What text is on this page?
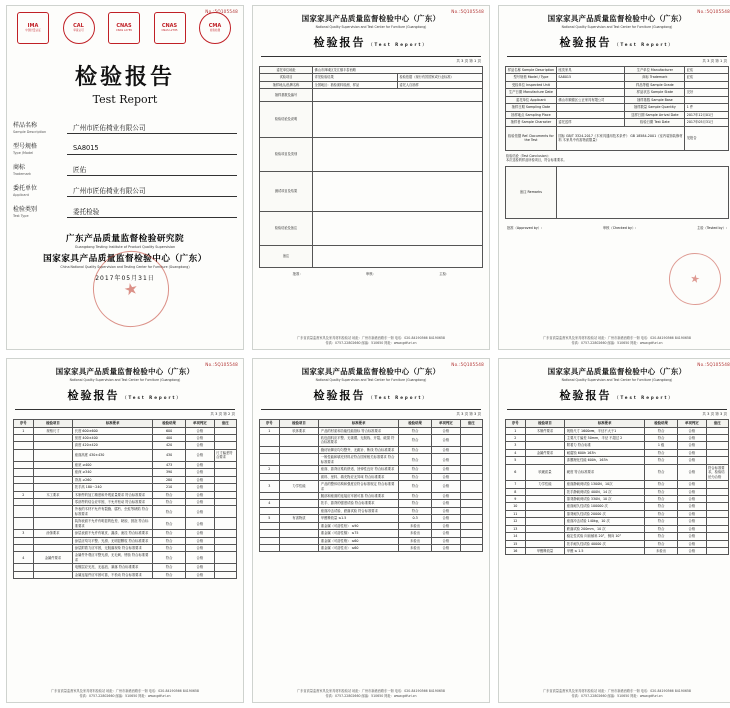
No.:5Q105548
IMA
中国计量认证
CAL
审查认可
CNAS
CNAS L2785
CNAS
CNAS L2785
CMA
检验检测
检验报告
Test Report
样品名称
Sample Description	广州市匠佑椅业有限公司
型号规格
Type /Model
SA8015
商标
Trademark	匠佑
委托单位
Applicant	广州市匠佑椅业有限公司
检验类别
Test Type	委托检验
★
广东产品质量监督检验研究院
Guangdong Testing Institute of Product Quality Supervision
国家家具产品质量监督检验中心（广东）
China National Quality Supervision and Testing Center for Furniture (Guangdong)
2017年05月31日
No.:5Q105548
国家家具产品质量监督检验中心（广东）
National Quality Supervision and Test Center for Furniture (Guangdong)
检验报告 （Test Report）
共 3 页 第 1 页
委托单位地址	佛山市禅城区龙江镇丰泰西路	
试验项目	详见检验结果	检验依据（现行有效国家或行业标准）
抽样地点/品牌名称	全国地区：抽检面料检测、样品	委托人自抽样
抽样基数及编号		
检验结论及说明		
检验项目及类别		
测试项目及结果		
检验结论及备注		
备注		
批准：	审核：	主检：
广东省质量监督家具及家具材料检验站 地址：广州市新港西路东一街 电话：020-84190566 84190658
传真：0757-22802660 邮编：510650 网址：www.gdfuri.cn
No.:5Q105548
国家家具产品质量监督检验中心（广东）
National Quality Supervision and Test Center for Furniture (Guangdong)
检验报告 （Test Report）
共 3 页 第 1 页
样品名称 Sample Description	座类家具	生产单位 Manufacturer	匠佑
型号规格 Model / Type	SA8015	商标 Trademark	匠佑
受检单位 Inspected Unit		样品等级 Sample Grade	
生产日期 Manufacture Date		样品状态 Sample State	完好
委托单位 Applicant	佛山市顺德区公正家具有限公司	抽样基数 Sample Base	
抽样日期 Sampling Date		抽样数量 Sample Quantity	1 件
抽样地点 Sampling Place		送样日期 Sample Arrival Date	2017年12月01日
抽样者 Sample Character	委托送样	检验日期 Test Date	2017年05月31日
检验依据 Ref. Documents for the Test	国标 GB/T 3324-2017《木家具通用技术条件》 GB 18584-2001《室内装饰装修材料 木家具中有害物质限量》		见报告
检验结论（Test Conclusion）：
本次送检的样品所检项目，符合标准要求。
备注 Remarks	
★
批准（Approved by）:	审核（Checked by）:	主检（Tested by）:
广东省质量监督家具及家具材料检验站 地址：广州市新港西路东一街 电话：020-84190566 84190658
传真：0757-22802660 邮编：510650 网址：www.gdfuri.cn
No.:5Q105548
国家家具产品质量监督检验中心（广东）
National Quality Supervision and Test Center for Furniture (Guangdong)
检验报告 （Test Report）
共 3 页 第 2 页
序号	检验项目	标准要求	检验结果	单项判定	备注
1	规格尺寸	长度 600±600	600	合格	
		宽度 400±400	400	合格	
		高度 420±420	420	合格	
		座面高度 430±430	430	合格	尺寸偏差符合要求
		座宽 ≥400	473	合格	
		座深 ≥340	390	合格	
		背高 ≥260	280	合格	
		扶手高 180～240	210	合格	
2	木工要求	木制件的加工精度和外观质量要求 符合标准要求	符合	合格	
		零部件的结合应牢固，不允许松动 符合标准要求	符合	合格	
		外表的木材不允许有裂缝、腐朽、虫蛀等缺陷 符合标准要求	符合	合格	
		装饰表面不允许有明显的色差、缺胶、鼓泡 符合标准要求	符合	合格	
3	涂饰要求	涂层表面不允许有皱皮、漏漆、流挂 符合标准要求	符合	合格	
		涂层应均匀平整、光滑、无明显颗粒 符合标准要求	符合	合格	
		涂层附着力应牢固，无脱落现象 符合标准要求	符合	合格	
4	金属件要求	金属件外观应平整光滑，无毛刺、锈蚀 符合标准要求	符合	合格	
		电镀层应光亮，无起泡、剥落 符合标准要求	符合	合格	
		金属连接件应牢固可靠，不松动 符合标准要求	符合	合格	
广东省质量监督家具及家具材料检验站 地址：广州市新港西路东一街 电话：020-84190566 84190658
传真：0757-22802660 邮编：510650 网址：www.gdfuri.cn
No.:5Q105548
国家家具产品质量监督检验中心（广东）
National Quality Supervision and Test Center for Furniture (Guangdong)
检验报告 （Test Report）
共 3 页 第 3 页
序号	检验项目	标准要求	检验结果	单项判定	备注
1	软体要求	产品的材质和功能性能指标 符合标准要求	符合	合格	
		软包面料应平整、无皱褶、无脱线、开裂、破损 符合标准要求	符合	合格	
		缝纫针脚应均匀整齐，无跳针、断线 符合标准要求	符合	合格	
		一般性能和填充材料应符合国家相关标准要求 符合标准要求	符合	合格	
2		座面、靠背应柔软舒适，回弹性良好 符合标准要求	符合	合格	
		面料、里料、填充物应无异味 符合标准要求	符合	合格	
3	力学性能	产品的整体结构和强度应符合标准规定 符合标准要求	符合	合格	
		腿部和座面的连接应牢固可靠 符合标准要求	符合	合格	
4		扶手、靠背的强度试验 符合标准要求	符合	合格	
		座面冲击试验、跌落试验 符合标准要求	符合	合格	
5	有害物质	甲醛释放量 ≤1.5	0.3	合格	
		重金属（可溶性铅） ≤90	未检出	合格	
		重金属（可溶性镉） ≤75	未检出	合格	
		重金属（可溶性铬） ≤60	未检出	合格	
		重金属（可溶性汞） ≤60	未检出	合格	
广东省质量监督家具及家具材料检验站 地址：广州市新港西路东一街 电话：020-84190566 84190658
传真：0757-22802660 邮编：510650 网址：www.gdfuri.cn
No.:5Q105548
国家家具产品质量监督检验中心（广东）
National Quality Supervision and Test Center for Furniture (Guangdong)
检验报告 （Test Report）
共 3 页 第 3 页
序号	检验项目	标准要求	检验结果	单项判定	备注
1	木制件要求	规格尺寸 1600мм，半径不大于1	符合	合格	
2		主要尺寸偏差 50mm，半径 不超过 2	符合	合格	
3		附着力 符合标准	1 级	合格	
4	金属件要求	耐腐蚀 600h 163h	符合	合格	
5		漆膜理化性能 600h，163h	符合	合格	
6	软硬质量	硬度 符合标准要求	符合	合格	符合标准要求，检验结论为合格
7	力学性能	座面静载荷试验 1300N，10次	符合	合格	
8		扶手静载荷试验 400N，14 次	符合	合格	
9		靠背静载荷试验 330N，10 次	符合	合格	
10		座面耐久性试验 100000 次	符合	合格	
11		靠背耐久性试验 20000 次	符合	合格	
12		座面冲击试验 140kg，10 次	符合	合格	
13		跌落试验 200mm，10 次	符合	合格	
14		稳定性试验 向前倾斜 20°，侧向 10°	符合	合格	
15		扶手耐久性试验 40000 次	符合	合格	
16	甲醛释放量	甲醛 ≤ 1.5	未检出	合格	
广东省质量监督家具及家具材料检验站 地址：广州市新港西路东一街 电话：020-84190566 84190658
传真：0757-22802660 邮编：510650 网址：www.gdfuri.cn
